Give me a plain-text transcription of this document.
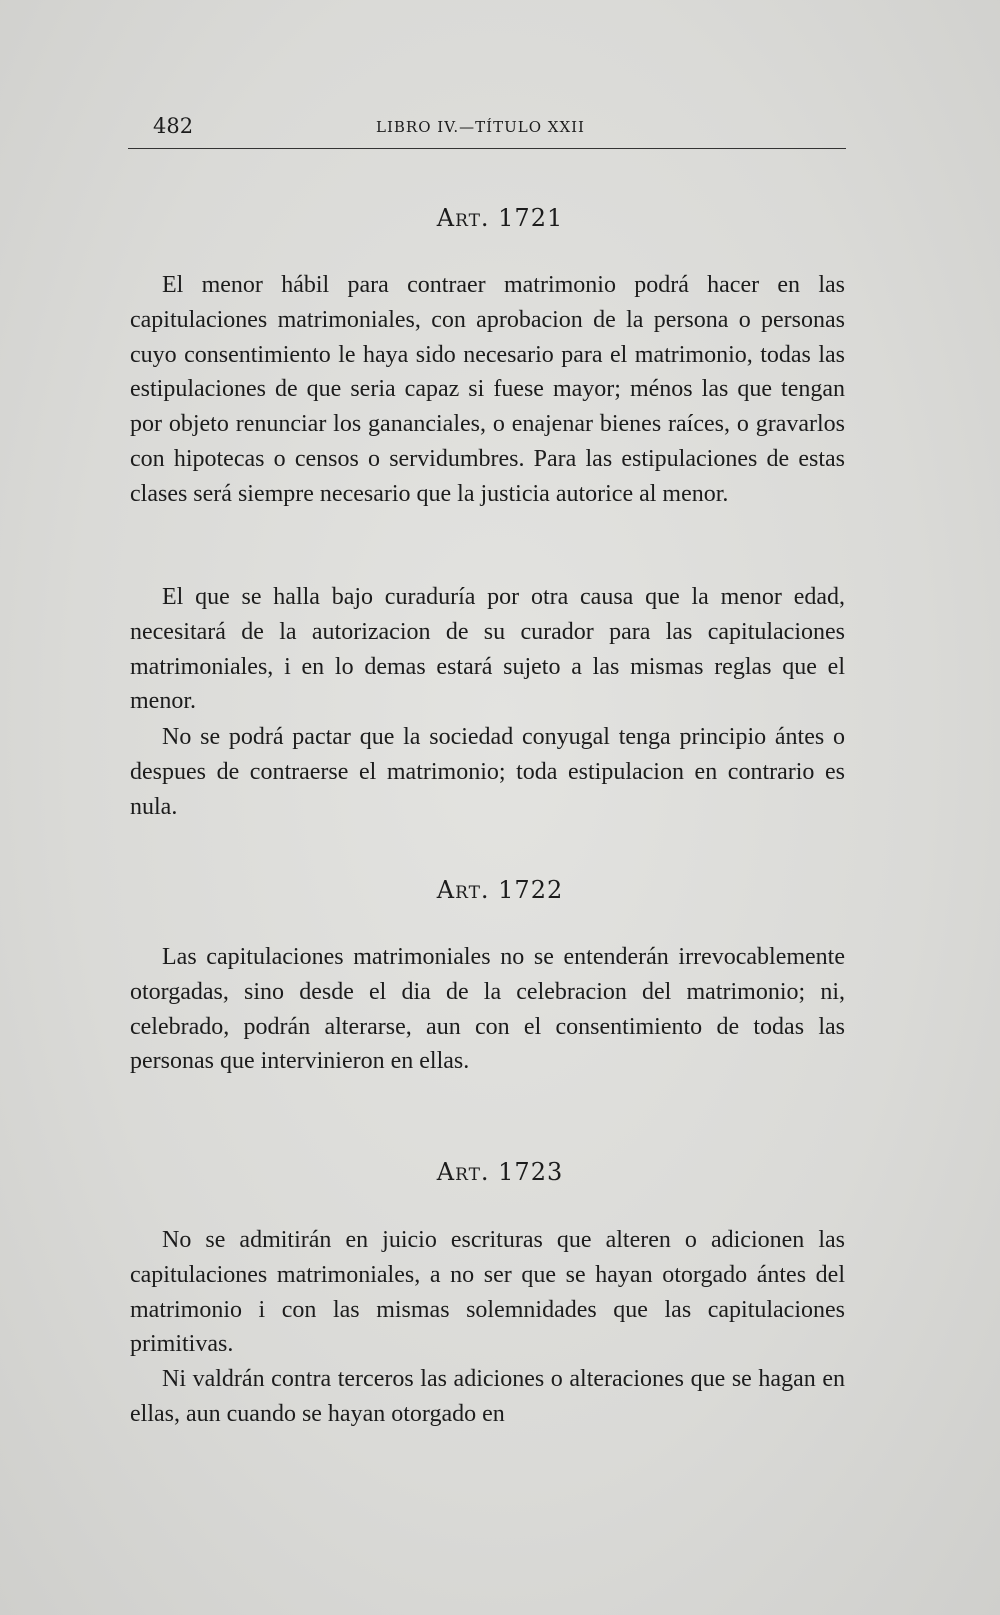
482	LIBRO IV.—TÍTULO XXII
Art. 1721

El menor hábil para contraer matrimonio podrá hacer en las capitulaciones matrimoniales, con aprobacion de la persona o personas cuyo consentimiento le haya sido necesario para el matrimonio, todas las estipulaciones de que seria capaz si fuese mayor; ménos las que tengan por objeto renunciar los gananciales, o enajenar bienes raíces, o gravarlos con hipotecas o censos o servidumbres. Para las estipulaciones de estas clases será siempre necesario que la justicia autorice al menor.

El que se halla bajo curaduría por otra causa que la menor edad, necesitará de la autorizacion de su curador para las capitulaciones matrimoniales, i en lo demas estará sujeto a las mismas reglas que el menor.

No se podrá pactar que la sociedad conyugal tenga principio ántes o despues de contraerse el matrimonio; toda estipulacion en contrario es nula.

Art. 1722

Las capitulaciones matrimoniales no se entenderán irrevocablemente otorgadas, sino desde el dia de la celebracion del matrimonio; ni, celebrado, podrán alterarse, aun con el consentimiento de todas las personas que intervinieron en ellas.

Art. 1723

No se admitirán en juicio escrituras que alteren o adicionen las capitulaciones matrimoniales, a no ser que se hayan otorgado ántes del matrimonio i con las mismas solemnidades que las capitulaciones primitivas.

Ni valdrán contra terceros las adiciones o alteraciones que se hagan en ellas, aun cuando se hayan otorgado en
